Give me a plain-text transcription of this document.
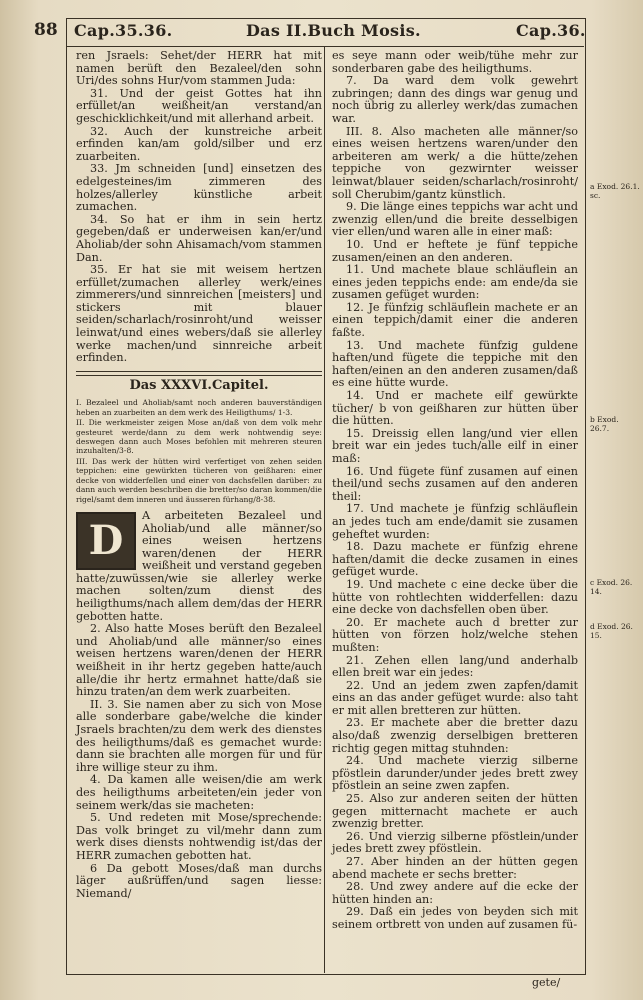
88 Cap.35.36.	Das II.Buch Mosis.	Cap.36.

ren Jsraels: Sehet/der HERR hat mit namen berüft den Bezaleel/den sohn Uri/des sohns Hur/vom stammen Juda:

31. Und der geist Gottes hat ihn erfüllet/an weißheit/an verstand/an geschicklichkeit/und mit allerhand arbeit.

32. Auch der kunstreiche arbeit erfinden kan/am gold/silber und erz zuarbeiten.

33. Jm schneiden [und] einsetzen des edelgesteines/im zimmeren des holzes/allerley künstliche arbeit zumachen.

34. So hat er ihm in sein hertz gegeben/daß er underweisen kan/er/und Aholiab/der sohn Ahisamach/vom stammen Dan.

35. Er hat sie mit weisem hertzen erfüllet/zumachen allerley werk/eines zimmerers/und sinnreichen [meisters] und stickers mit blauer seiden/scharlach/rosinroht/und weisser leinwat/und eines webers/daß sie allerley werke machen/und sinnreiche arbeit erfinden.

Das XXXVI.Capitel.

I. Bezaleel und Aholiab/samt noch anderen bauverständigen heben an zuarbeiten an dem werk des Heiligthums/ 1-3.

II. Die werkmeister zeigen Mose an/daß von dem volk mehr gesteuret werde/dann zu dem werk nohtwendig seye: deswegen dann auch Moses befohlen mit mehreren steuren inzuhalten/3-8.

III. Das werk der hütten wird verfertiget von zehen seiden teppichen: eine gewürkten tücheren von geißharen: einer decke von widderfellen und einer von dachsfellen darüber: zu dann auch werden beschriben die bretter/so daran kommen/die rigel/samt dem inneren und äusseren fürhang/8-38.

D

A arbeiteten Bezaleel und Aholiab/und alle männer/so eines weisen hertzens waren/denen der HERR weißheit und verstand gegeben hatte/zuwüssen/wie sie allerley werke machen solten/zum dienst des heiligthums/nach allem dem/das der HERR gebotten hatte.

2. Also hatte Moses berüft den Bezaleel und Aholiab/und alle männer/so eines weisen hertzens waren/denen der HERR weißheit in ihr hertz gegeben hatte/auch alle/die ihr hertz ermahnet hatte/daß sie hinzu traten/an dem werk zuarbeiten.

II. 3. Sie namen aber zu sich von Mose alle sonderbare gabe/welche die kinder Jsraels brachten/zu dem werk des dienstes des heiligthums/daß es gemachet wurde: dann sie brachten alle morgen für und für ihre willige steur zu ihm.

4. Da kamen alle weisen/die am werk des heiligthums arbeiteten/ein jeder von seinem werk/das sie macheten:

5. Und redeten mit Mose/sprechende: Das volk bringet zu vil/mehr dann zum werk dises diensts nohtwendig ist/das der HERR zumachen gebotten hat.

6 Da gebott Moses/daß man durchs läger außrüffen/und sagen liesse: Niemand/

es seye mann oder weib/tühe mehr zur sonderbaren gabe des heiligthums.

7. Da ward dem volk gewehrt zubringen; dann des dings war genug und noch übrig zu allerley werk/das zumachen war.

III. 8. Also macheten alle männer/so eines weisen hertzens waren/under den arbeiteren am werk/ a die hütte/zehen teppiche von gezwirnter weisser leinwat/blauer seiden/scharlach/rosinroht/ soll Cherubim/gantz künstlich.

9. Die länge eines teppichs war acht und zwenzig ellen/und die breite desselbigen vier ellen/und waren alle in einer maß:

10. Und er heftete je fünf teppiche zusamen/einen an den anderen.

11. Und machete blaue schläuflein an eines jeden teppichs ende: am ende/da sie zusamen gefüget wurden:

12. Je fünfzig schläuflein machete er an einen teppich/damit einer die anderen faßte.

13. Und machete fünfzig guldene haften/und fügete die teppiche mit den haften/einen an den anderen zusamen/daß es eine hütte wurde.

14. Und er machete eilf gewürkte tücher/ b von geißharen zur hütten über die hütten.

15. Dreissig ellen lang/und vier ellen breit war ein jedes tuch/alle eilf in einer maß:

16. Und fügete fünf zusamen auf einen theil/und sechs zusamen auf den anderen theil:

17. Und machete je fünfzig schläuflein an jedes tuch am ende/damit sie zusamen geheftet wurden:

18. Dazu machete er fünfzig ehrene haften/damit die decke zusamen in eines gefüget wurde.

19. Und machete c eine decke über die hütte von rohtlechten widderfellen: dazu eine decke von dachsfellen oben über.

20. Er machete auch d bretter zur hütten von förzen holz/welche stehen mußten:

21. Zehen ellen lang/und anderhalb ellen breit war ein jedes:

22. Und an jedem zwen zapfen/damit eins an das ander gefüget wurde: also taht er mit allen bretteren zur hütten.

23. Er machete aber die bretter dazu also/daß zwenzig derselbigen bretteren richtig gegen mittag stuhnden:

24. Und machete vierzig silberne pföstlein darunder/under jedes brett zwey pföstlein an seine zwen zapfen.

25. Also zur anderen seiten der hütten gegen mitternacht machete er auch zwenzig bretter.

26. Und vierzig silberne pföstlein/under jedes brett zwey pföstlein.

27. Aber hinden an der hütten gegen abend machete er sechs bretter:

28. Und zwey andere auf die ecke der hütten hinden an:

29. Daß ein jedes von beyden sich mit seinem ortbrett von unden auf zusamen fü-

a Exod. 26.1. sc.
b Exod. 26.7.
c Exod. 26. 14.
d Exod. 26. 15.
gete/
